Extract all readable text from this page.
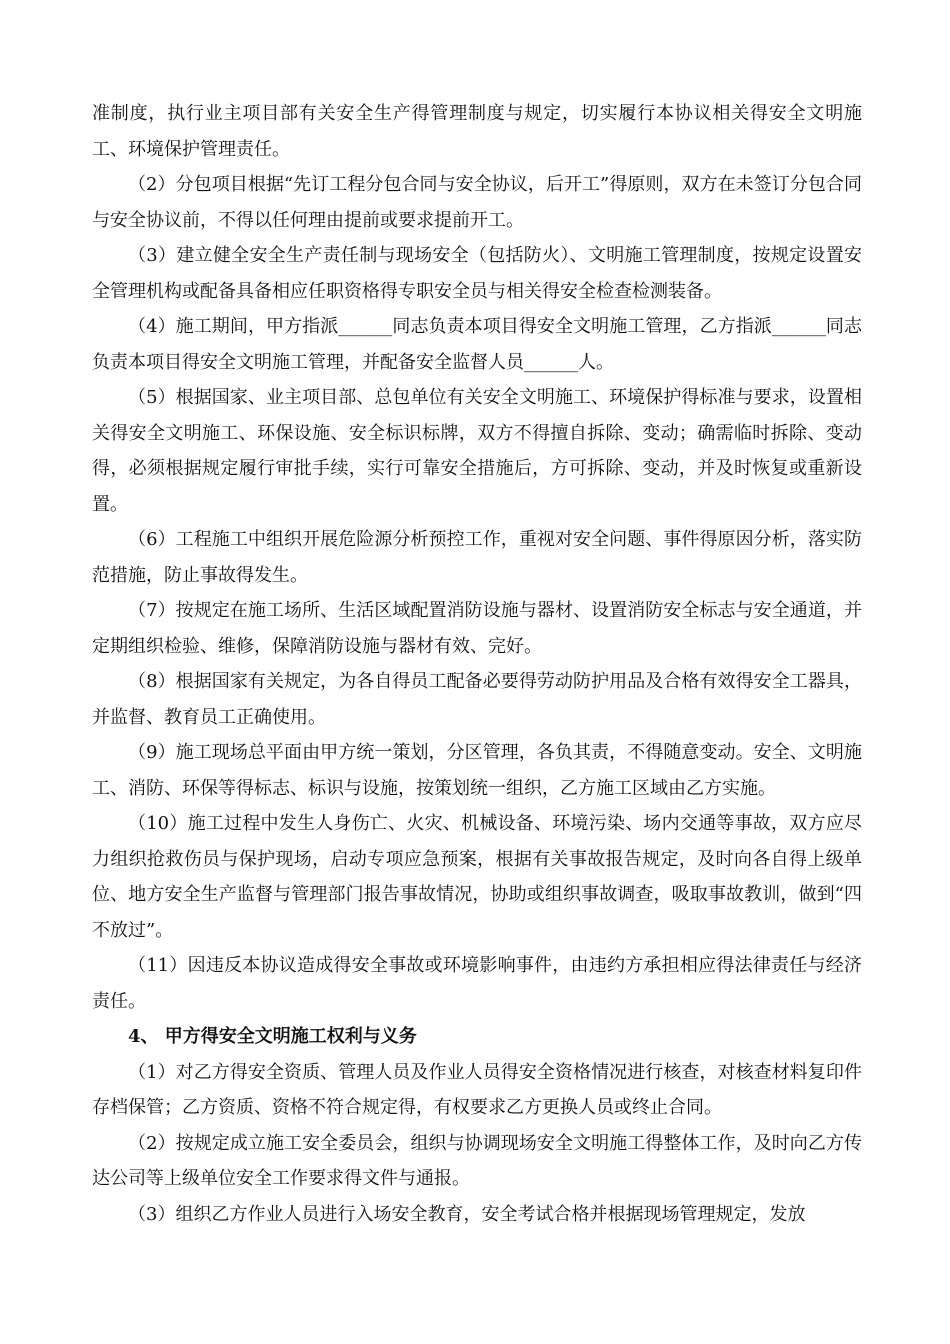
准制度，执行业主项目部有关安全生产得管理制度与规定，切实履行本协议相关得安全文明施工、环境保护管理责任。

（2）分包项目根据“先订工程分包合同与安全协议，后开工”得原则，双方在未签订分包合同与安全协议前，不得以任何理由提前或要求提前开工。

（3）建立健全安全生产责任制与现场安全（包括防火）、文明施工管理制度，按规定设置安全管理机构或配备具备相应任职资格得专职安全员与相关得安全检查检测装备。

（4）施工期间，甲方指派______同志负责本项目得安全文明施工管理，乙方指派______同志负责本项目得安全文明施工管理，并配备安全监督人员______人。

（5）根据国家、业主项目部、总包单位有关安全文明施工、环境保护得标准与要求，设置相关得安全文明施工、环保设施、安全标识标牌，双方不得擅自拆除、变动；确需临时拆除、变动得，必须根据规定履行审批手续，实行可靠安全措施后，方可拆除、变动，并及时恢复或重新设置。

（6）工程施工中组织开展危险源分析预控工作，重视对安全问题、事件得原因分析，落实防范措施，防止事故得发生。

（7）按规定在施工场所、生活区域配置消防设施与器材、设置消防安全标志与安全通道，并定期组织检验、维修，保障消防设施与器材有效、完好。

（8）根据国家有关规定，为各自得员工配备必要得劳动防护用品及合格有效得安全工器具，并监督、教育员工正确使用。

（9）施工现场总平面由甲方统一策划，分区管理，各负其责，不得随意变动。安全、文明施工、消防、环保等得标志、标识与设施，按策划统一组织，乙方施工区域由乙方实施。

（10）施工过程中发生人身伤亡、火灾、机械设备、环境污染、场内交通等事故，双方应尽力组织抢救伤员与保护现场，启动专项应急预案，根据有关事故报告规定，及时向各自得上级单位、地方安全生产监督与管理部门报告事故情况，协助或组织事故调查，吸取事故教训，做到“四不放过”。

（11）因违反本协议造成得安全事故或环境影响事件，由违约方承担相应得法律责任与经济责任。

4、 甲方得安全文明施工权利与义务

（1）对乙方得安全资质、管理人员及作业人员得安全资格情况进行核查，对核查材料复印件存档保管；乙方资质、资格不符合规定得，有权要求乙方更换人员或终止合同。

（2）按规定成立施工安全委员会，组织与协调现场安全文明施工得整体工作，及时向乙方传达公司等上级单位安全工作要求得文件与通报。

（3）组织乙方作业人员进行入场安全教育，安全考试合格并根据现场管理规定，发放
